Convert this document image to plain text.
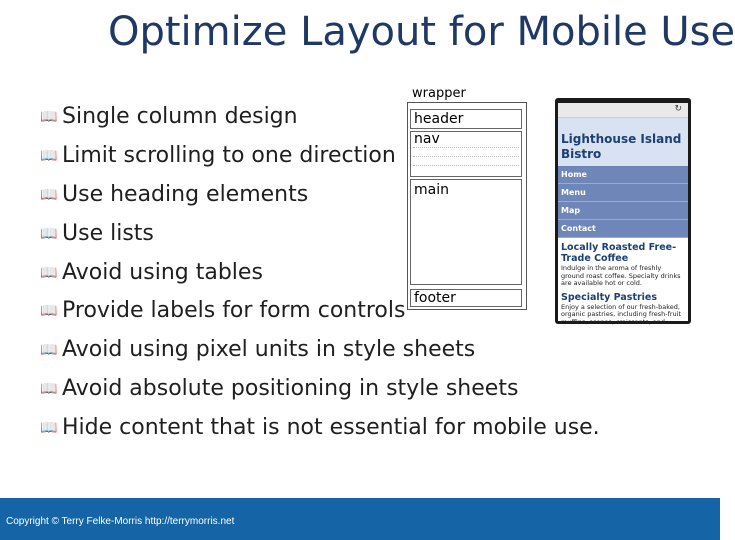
Optimize Layout for Mobile Use
📖 Single column design
📖 Limit scrolling to one direction
📖 Use heading elements
📖 Use lists
📖 Avoid using tables
📖 Provide labels for form controls
📖 Avoid using pixel units in style sheets
📖 Avoid absolute positioning in style sheets
📖 Hide content that is not essential for mobile use.
wrapper
header
nav
main
footer
↻
Lighthouse Island Bistro
Home
Menu
Map
Contact
Locally Roasted Free-Trade Coffee
Indulge in the aroma of freshly ground roast coffee. Specialty drinks are available hot or cold.
Specialty Pastries
Enjoy a selection of our fresh-baked, organic pastries, including fresh-fruit muffins, scones, croissants, and
Copyright © Terry Felke-Morris http://terrymorris.net
